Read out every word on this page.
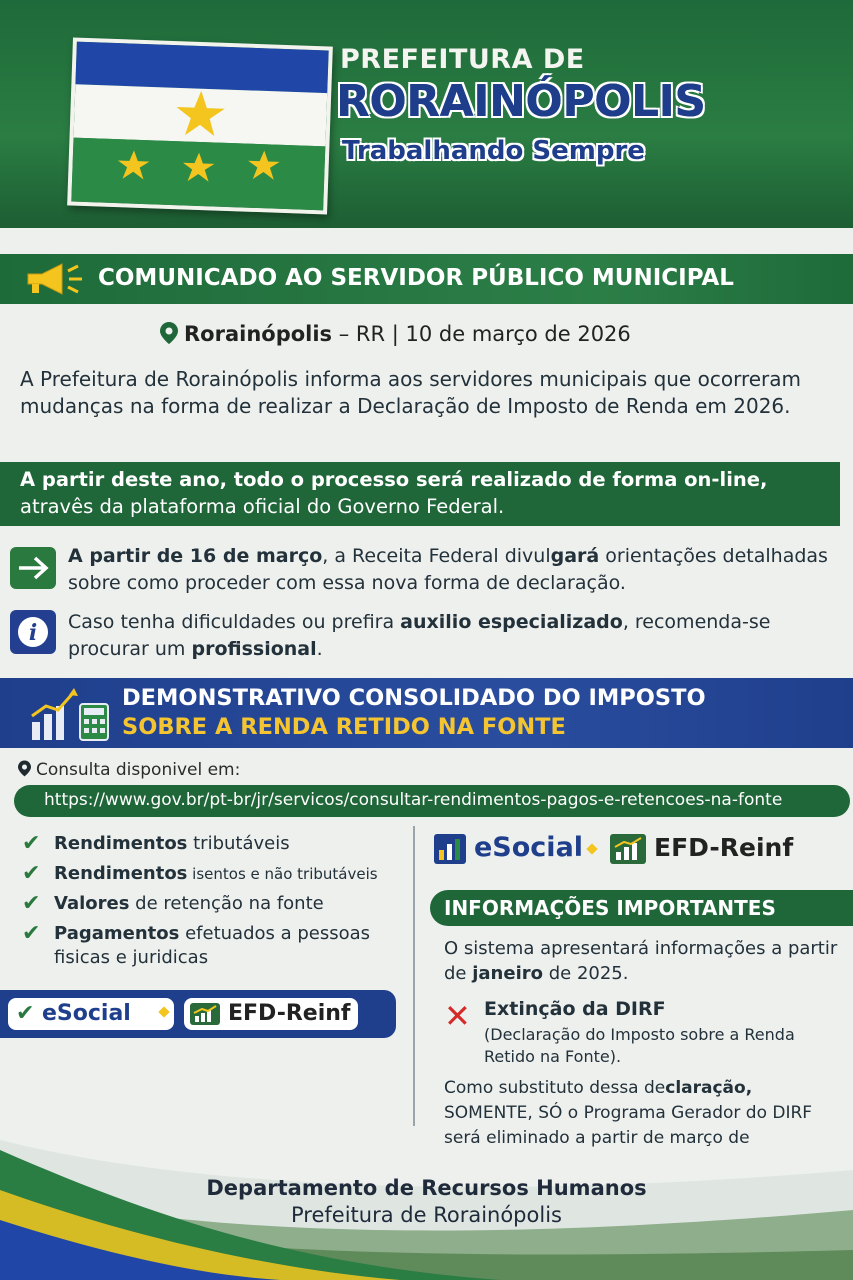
PREFEITURA DE
RORAINÓPOLIS
Trabalhando Sempre
COMUNICADO AO SERVIDOR PÚBLICO MUNICIPAL
Rorainópolis – RR | 10 de março de 2026
A Prefeitura de Rorainópolis informa aos servidores municipais que ocorreram mudanças na forma de realizar a Declaração de Imposto de Renda em 2026.
A partir deste ano, todo o processo será realizado de forma on-line,
atravês da plataforma oficial do Governo Federal.
A partir de 16 de março, a Receita Federal divulgará orientações detalhadas sobre como proceder com essa nova forma de declaração.
i Caso tenha dificuldades ou prefira auxilio especializado, recomenda-se procurar um profissional.
DEMONSTRATIVO CONSOLIDADO DO IMPOSTO
SOBRE A RENDA RETIDO NA FONTE
Consulta disponivel em:
https://www.gov.br/pt-br/jr/servicos/consultar-rendimentos-pagos-e-retencoes-na-fonte
✔ Rendimentos tributáveis
✔ Rendimentos isentos e não tributáveis
✔ Valores de retenção na fonte
✔ Pagamentos efetuados a pessoas fisicas e juridicas
✔ eSocial	EFD-Reinf
eSocial	EFD-Reinf
INFORMAÇÕES IMPORTANTES
O sistema apresentará informações a partir de janeiro de 2025.
✕ Extinção da DIRF
(Declaração do Imposto sobre a Renda Retido na Fonte).
Como substituto dessa declaração, SOMENTE, SÓ o Programa Gerador do DIRF será eliminado a partir de março de
Departamento de Recursos Humanos
Prefeitura de Rorainópolis
